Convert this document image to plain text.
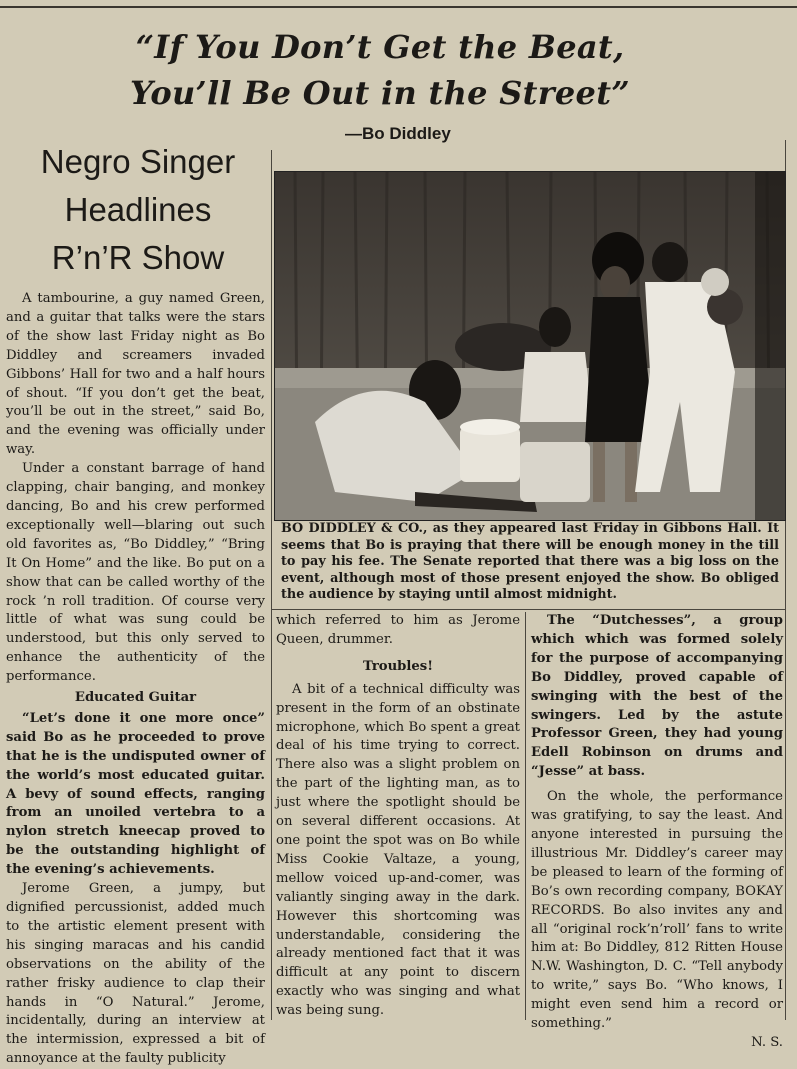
“If You Don’t Get the Beat,
You’ll Be Out in the Street”
—Bo Diddley
Negro Singer
Headlines
R’n’R Show

A tambourine, a guy named Green, and a guitar that talks were the stars of the show last Friday night as Bo Diddley and screamers invaded Gibbons’ Hall for two and a half hours of shout. “If you don’t get the beat, you’ll be out in the street,” said Bo, and the evening was officially under way.

Under a constant barrage of hand clapping, chair banging, and monkey dancing, Bo and his crew performed exceptionally well—blaring out such old favorites as, “Bo Diddley,” “Bring It On Home” and the like. Bo put on a show that can be called worthy of the rock ’n roll tradition. Of course very little of what was sung could be understood, but this only served to enhance the authenticity of the performance.

Educated Guitar

“Let’s done it one more once” said Bo as he proceeded to prove that he is the undisputed owner of the world’s most educated guitar. A bevy of sound effects, ranging from an unoiled vertebra to a nylon stretch kneecap proved to be the outstanding highlight of the evening’s achievements.

Jerome Green, a jumpy, but dignified percussionist, added much to the artistic element present with his singing maracas and his candid observations on the ability of the rather frisky audience to clap their hands in “O Natural.” Jerome, incidentally, during an interview at the intermission, expressed a bit of annoyance at the faulty publicity

BO DIDDLEY & CO., as they appeared last Friday in Gibbons Hall. It seems that Bo is praying that there will be enough money in the till to pay his fee. The Senate reported that there was a big loss on the event, although most of those present enjoyed the show. Bo obliged the audience by staying until almost midnight.

which referred to him as Jerome Queen, drummer.

Troubles!

A bit of a technical difficulty was present in the form of an obstinate microphone, which Bo spent a great deal of his time trying to correct. There also was a slight problem on the part of the lighting man, as to just where the spotlight should be on several different occasions. At one point the spot was on Bo while Miss Cookie Valtaze, a young, mellow voiced up-and-comer, was valiantly singing away in the dark. However this shortcoming was understandable, considering the already mentioned fact that it was difficult at any point to discern exactly who was singing and what was being sung.

The “Dutchesses”, a group which which was formed solely for the purpose of accompanying Bo Diddley, proved capable of swinging with the best of the swingers. Led by the astute Professor Green, they had young Edell Robinson on drums and “Jesse” at bass.

On the whole, the performance was gratifying, to say the least. And anyone interested in pursuing the illustrious Mr. Diddley’s career may be pleased to learn of the forming of Bo’s own recording company, BOKAY RECORDS. Bo also invites any and all “original rock’n’roll’ fans to write him at: Bo Diddley, 812 Ritten House N.W. Washington, D. C. “Tell anybody to write,” says Bo. “Who knows, I might even send him a record or something.”

N. S.
